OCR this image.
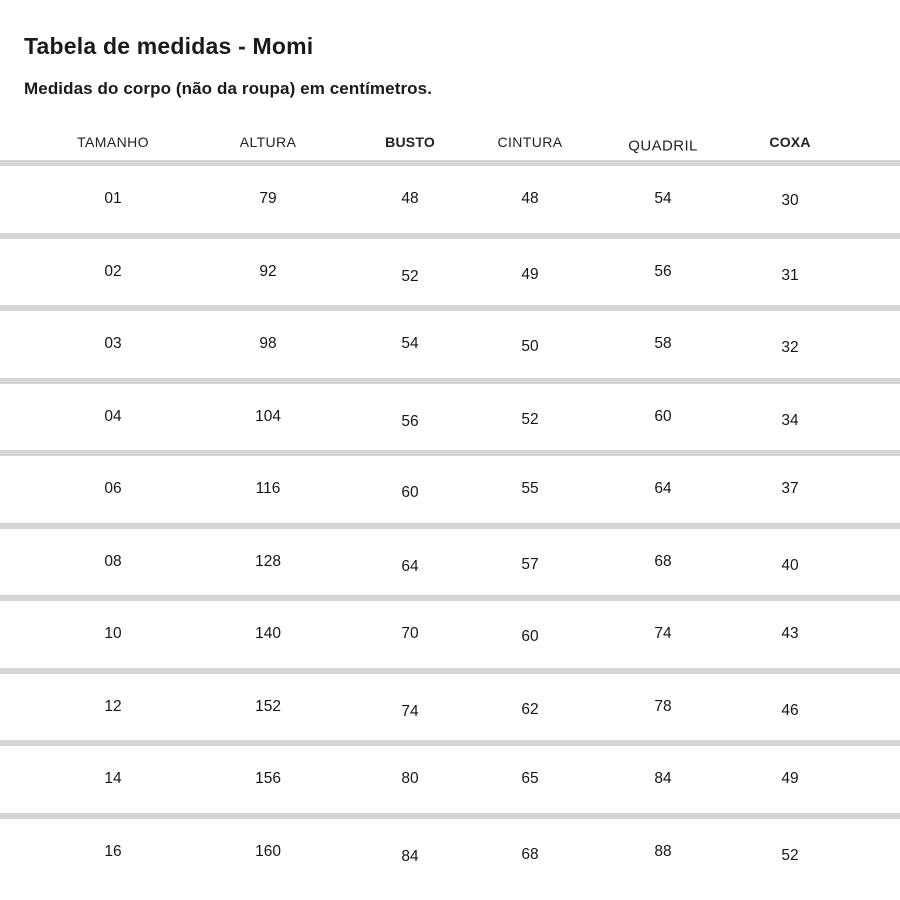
Tabela de medidas - Momi
Medidas do corpo (não da roupa) em centímetros.
TAMANHO	ALTURA	BUSTO	CINTURA	QUADRIL	COXA
01	79	48	48	54	30
02	92	52	49	56	31
03	98	54	50	58	32
04	104	56	52	60	34
06	116	60	55	64	37
08	128	64	57	68	40
10	140	70	60	74	43
12	152	74	62	78	46
14	156	80	65	84	49
16	160	84	68	88	52
